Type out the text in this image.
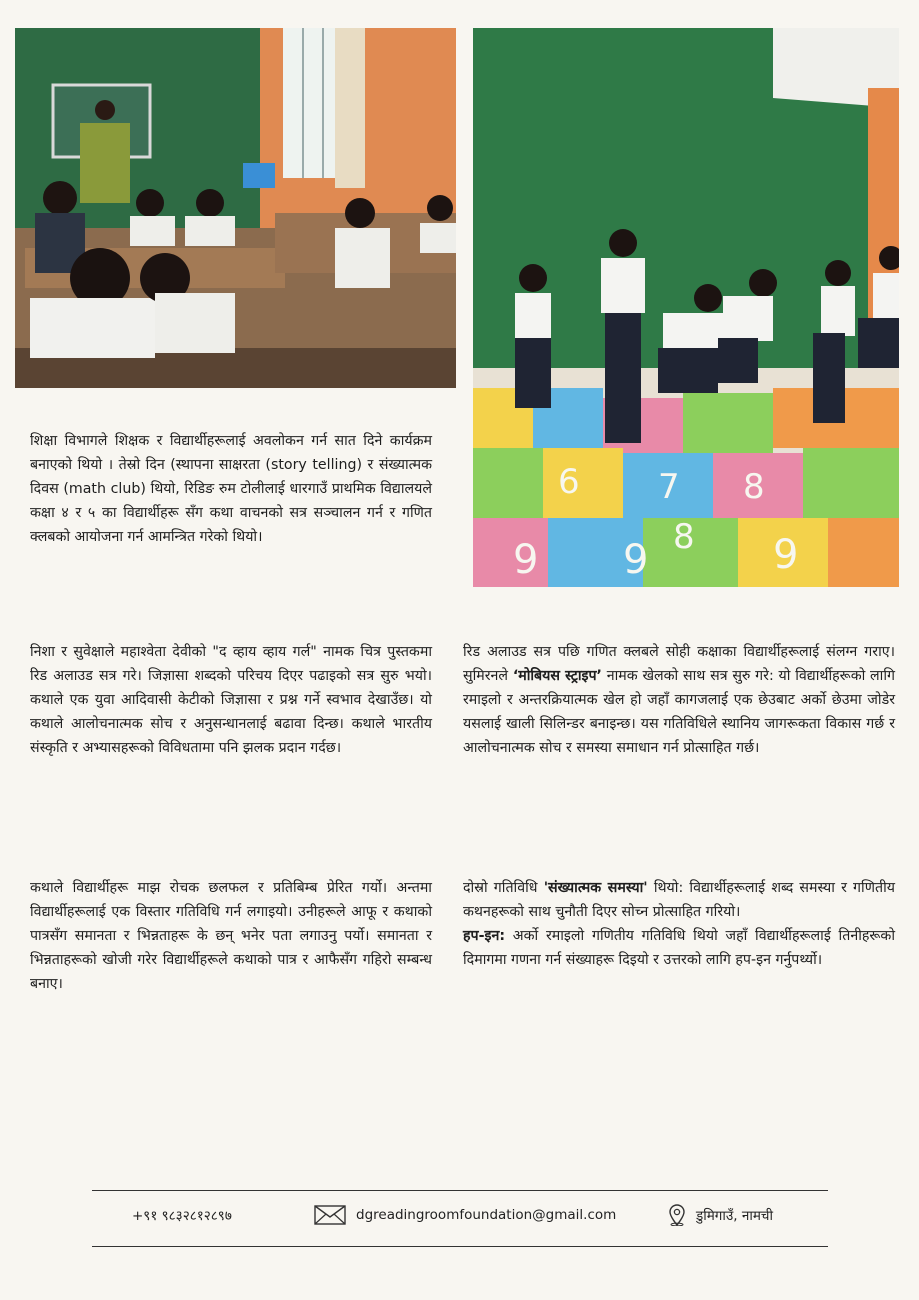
6 7 8
9 9	9
8

शिक्षा विभागले शिक्षक र विद्यार्थीहरूलाई अवलोकन गर्न सात दिने कार्यक्रम बनाएको थियो । तेस्रो दिन (स्थापना साक्षरता (story telling) र संख्यात्मक दिवस (math club) थियो, रिडिङ रुम टोलीलाई धारगाउँ प्राथमिक विद्यालयले कक्षा ४ र ५ का विद्यार्थीहरू सँग कथा वाचनको सत्र सञ्चालन गर्न र गणित क्लबको आयोजना गर्न आमन्त्रित गरेको थियो।

निशा र सुवेक्षाले महाश्वेता देवीको "द व्हाय व्हाय गर्ल" नामक चित्र पुस्तकमा रिड अलाउड सत्र गरे। जिज्ञासा शब्दको परिचय दिएर पढाइको सत्र सुरु भयो। कथाले एक युवा आदिवासी केटीको जिज्ञासा र प्रश्न गर्ने स्वभाव देखाउँछ। यो कथाले आलोचनात्मक सोच र अनुसन्धानलाई बढावा दिन्छ। कथाले भारतीय संस्कृति र अभ्यासहरूको विविधतामा पनि झलक प्रदान गर्दछ।

कथाले विद्यार्थीहरू माझ रोचक छलफल र प्रतिबिम्ब प्रेरित गर्यो। अन्तमा विद्यार्थीहरूलाई एक विस्तार गतिविधि गर्न लगाइयो। उनीहरूले आफू र कथाको पात्रसँग समानता र भिन्नताहरू के छन् भनेर पता लगाउनु पर्यो। समानता र भिन्नताहरूको खोजी गरेर विद्यार्थीहरूले कथाको पात्र र आफैसँग गहिरो सम्बन्ध बनाए।

रिड अलाउड सत्र पछि गणित क्लबले सोही कक्षाका विद्यार्थीहरूलाई संलग्न गराए। सुमिरनले ‘मोबियस स्ट्राइप’ नामक खेलको साथ सत्र सुरु गरे: यो विद्यार्थीहरूको लागि रमाइलो र अन्तरक्रियात्मक खेल हो जहाँ कागजलाई एक छेउबाट अर्को छेउमा जोडेर यसलाई खाली सिलिन्डर बनाइन्छ। यस गतिविधिले स्थानिय जागरूकता विकास गर्छ र आलोचनात्मक सोच र समस्या समाधान गर्न प्रोत्साहित गर्छ।

दोस्रो गतिविधि 'संख्यात्मक समस्या' थियो: विद्यार्थीहरूलाई शब्द समस्या र गणितीय कथनहरूको साथ चुनौती दिएर सोच्न प्रोत्साहित गरियो।
हप-इन: अर्को रमाइलो गणितीय गतिविधि थियो जहाँ विद्यार्थीहरूलाई तिनीहरूको दिमागमा गणना गर्न संख्याहरू दिइयो र उत्तरको लागि हप-इन गर्नुपर्थ्यो।

+९१ ९८३२८१२८९७	dgreadingroomfoundation@gmail.com	डुमिगाउँ, नामची
